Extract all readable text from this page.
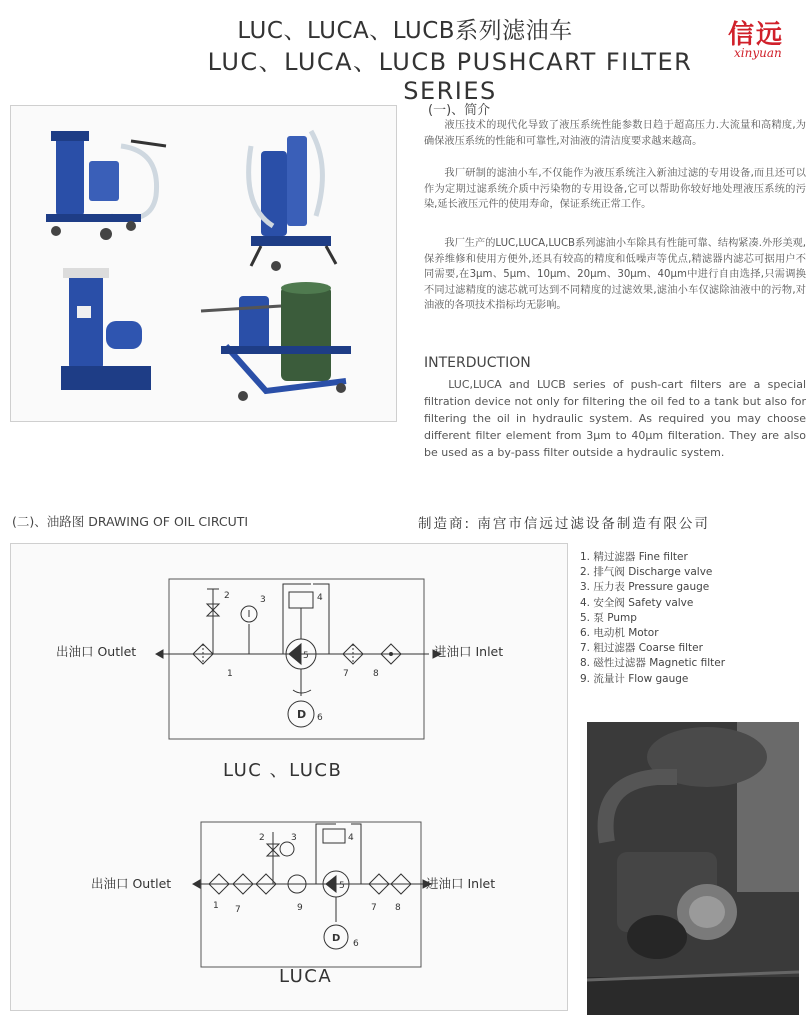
LUC、LUCA、LUCB系列滤油车
LUC、LUCA、LUCB PUSHCART FILTER SERIES
信远
xinyuan
(一)、简介
液压技术的现代化导致了液压系统性能参数日趋于超高压力.大流量和高精度,为确保液压系统的性能和可靠性,对油液的清洁度要求越来越高。
我厂研制的滤油小车,不仅能作为液压系统注入新油过滤的专用设备,而且还可以作为定期过滤系统介质中污染物的专用设备,它可以帮助你较好地处理液压系统的污染,延长液压元件的使用寿命，保证系统正常工作。
我厂生产的LUC,LUCA,LUCB系列滤油小车除具有性能可靠、结构紧凑.外形美观,保养维修和使用方便外,还具有较高的精度和低噪声等优点,精滤器内滤芯可据用户不同需要,在3μm、5μm、10μm、20μm、30μm、40μm中进行自由选择,只需调换不同过滤精度的滤芯就可达到不同精度的过滤效果,滤油小车仅滤除油液中的污物,对油液的各项技术指标均无影响。
INTERDUCTION
LUC,LUCA and LUCB series of push-cart filters are a special filtration device not only for filtering the oil fed to a tank but also for filtering the oil in hydraulic system. As required you may choose different filter element from 3μm to 40μm filteration. They are also be used as a by-pass filter outside a hydraulic system.
(二)、油路图 DRAWING OF OIL CIRCUTI	制造商: 南宫市信远过滤设备制造有限公司
出油口 Outlet	进油口 Inlet
LUC 、LUCB
出油口 Outlet	进油口 Inlet
LUCA
D
D
1
2	3	4
5
6
7	8
1 7
2	3
9
4
5
7 8
6
1. 精过滤器 Fine filter
2. 排气阀 Discharge valve
3. 压力表 Pressure gauge
4. 安全阀 Safety valve
5. 泵 Pump
6. 电动机 Motor
7. 粗过滤器 Coarse filter
8. 磁性过滤器 Magnetic filter
9. 流量计 Flow gauge
